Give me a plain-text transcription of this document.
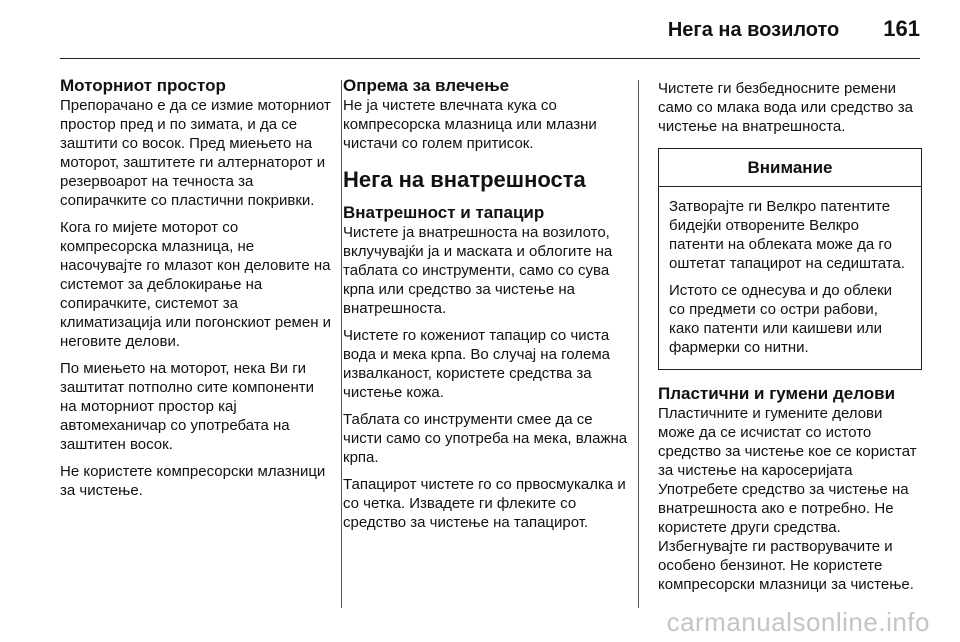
Нега на возилото 161
Моторниот простор

Препорачано е да се измие моторниот простор пред и по зимата, и да се заштити со восок. Пред миењето на моторот, заштитете ги алтернаторот и резервоарот на течноста за сопирачките со пластични покривки.

Кога го мијете моторот со компресорска млазница, не насочувајте го млазот кон деловите на системот за деблокирање на сопирачките, системот за климатизација или погонскиот ремен и неговите делови.

По миењето на моторот, нека Ви ги заштитат потполно сите компоненти на моторниот простор кај автомеханичар со употребата на заштитен восок.

Не користете компресорски млазници за чистење.

Опрема за влечење

Не ја чистете влечната кука со компресорска млазница или млазни чистачи со голем притисок.

Нега на внатрешноста
Внатрешност и тапацир

Чистете ја внатрешноста на возилото, вклучувајќи ја и маската и облогите на таблата со инструменти, само со сува крпа или средство за чистење на внатрешноста.

Чистете го кожениот тапацир со чиста вода и мека крпа. Во случај на голема извалканост, користете средства за чистење кожа.

Таблата со инструменти смее да се чисти само со употреба на мека, влажна крпа.

Тапацирот чистете го со првосмукалка и со четка. Извадете ги флеките со средство за чистење на тапацирот.

Чистете ги безбедносните ремени само со млака вода или средство за чистење на внатрешноста.

Внимание

Затворајте ги Велкро патентите бидејќи отворените Велкро патенти на облеката може да го оштетат тапацирот на седиштата.

Истото се однесува и до облеки со предмети со остри рабови, како патенти или каишеви или фармерки со нитни.

Пластични и гумени делови

Пластичните и гумените делови може да се исчистат со истото средство за чистење кое се користат за чистење на каросеријата Употребете средство за чистење на внатрешноста ако е потребно. Не користете други средства. Избегнувајте ги растворувачите и особено бензинот. Не користете компресорски млазници за чистење.

carmanualsonline.info
